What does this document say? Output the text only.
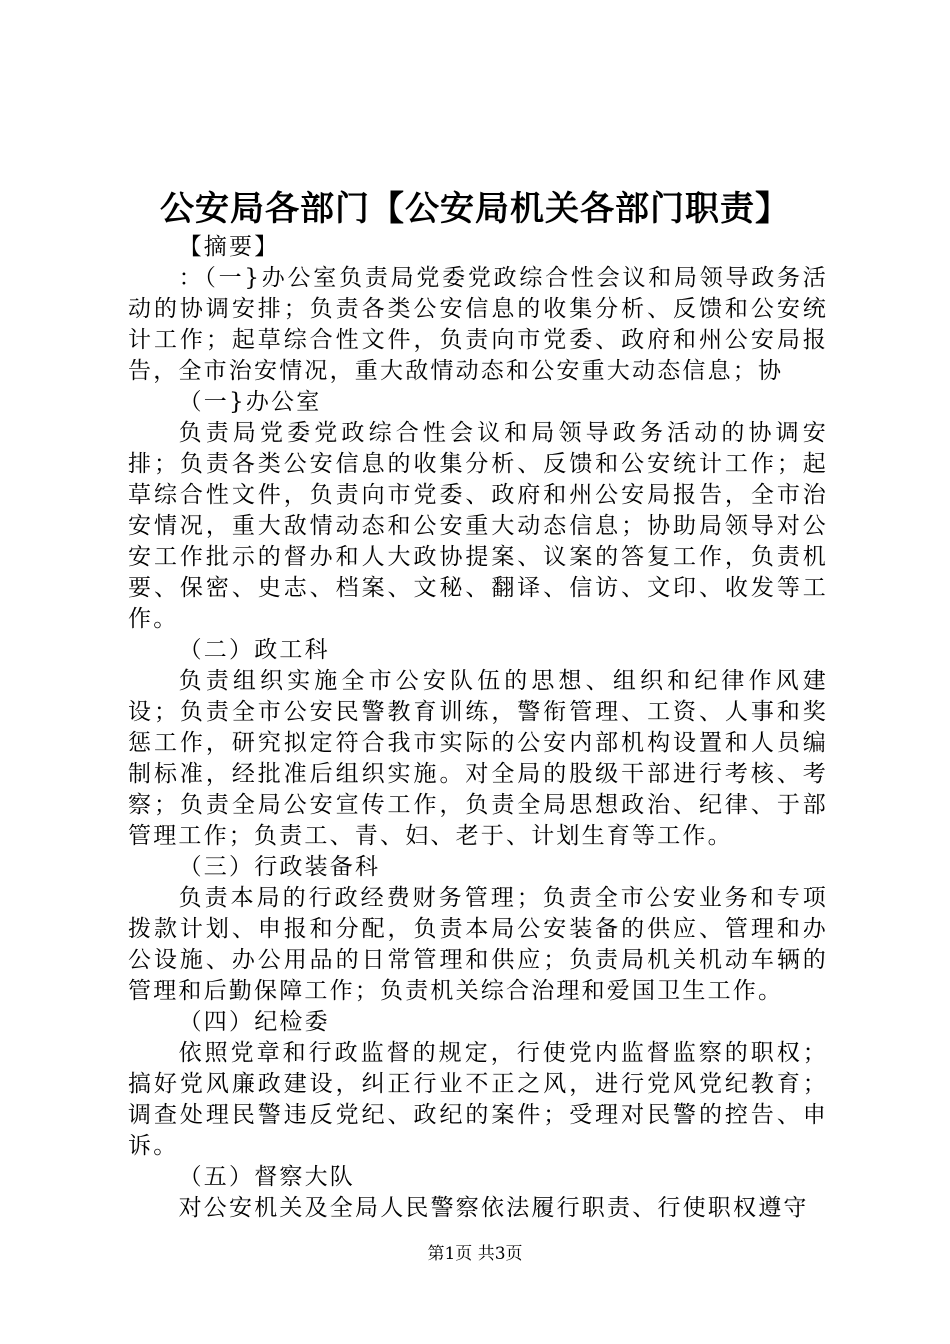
公安局各部门【公安局机关各部门职责】

【摘要】

：（一}办公室负责局党委党政综合性会议和局领导政务活动的协调安排；负责各类公安信息的收集分析、反馈和公安统计工作；起草综合性文件，负责向市党委、政府和州公安局报告，全市治安情况，重大敌情动态和公安重大动态信息；协

（一}办公室

负责局党委党政综合性会议和局领导政务活动的协调安排；负责各类公安信息的收集分析、反馈和公安统计工作；起草综合性文件，负责向市党委、政府和州公安局报告，全市治安情况，重大敌情动态和公安重大动态信息；协助局领导对公安工作批示的督办和人大政协提案、议案的答复工作，负责机要、保密、史志、档案、文秘、翻译、信访、文印、收发等工作。

（二）政工科

负责组织实施全市公安队伍的思想、组织和纪律作风建设；负责全市公安民警教育训练，警衔管理、工资、人事和奖惩工作，研究拟定符合我市实际的公安内部机构设置和人员编制标准，经批准后组织实施。对全局的股级干部进行考核、考察；负责全局公安宣传工作，负责全局思想政治、纪律、于部管理工作；负责工、青、妇、老于、计划生育等工作。

（三）行政装备科

负责本局的行政经费财务管理；负责全市公安业务和专项拨款计划、申报和分配，负责本局公安装备的供应、管理和办公设施、办公用品的日常管理和供应；负责局机关机动车辆的管理和后勤保障工作；负责机关综合治理和爱国卫生工作。

（四）纪检委

依照党章和行政监督的规定，行使党内监督监察的职权；搞好党风廉政建设，纠正行业不正之风，进行党风党纪教育；调查处理民警违反党纪、政纪的案件；受理对民警的控告、申诉。

（五）督察大队

对公安机关及全局人民警察依法履行职责、行使职权遵守

第1页 共3页
